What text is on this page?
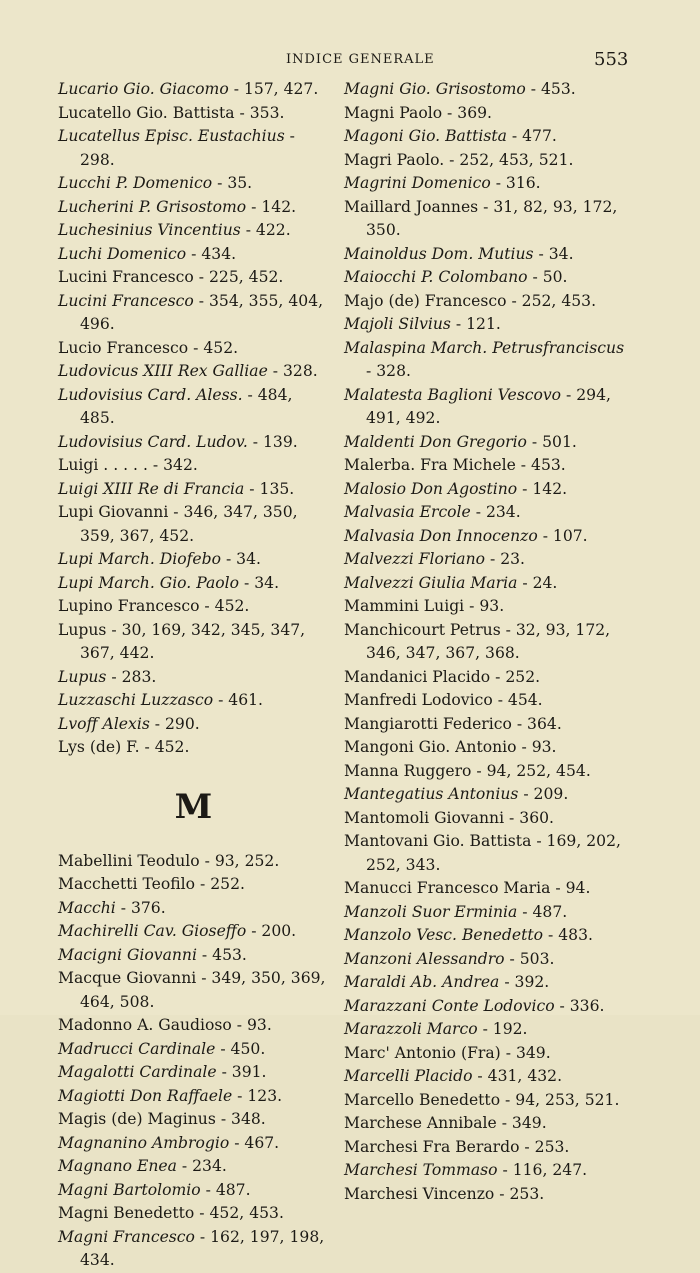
INDICE GENERALE	553
Lucario Gio. Giacomo - 157, 427.
Lucatello Gio. Battista - 353.
Lucatellus Episc. Eustachius - 298.
Lucchi P. Domenico - 35.
Lucherini P. Grisostomo - 142.
Luchesinius Vincentius - 422.
Luchi Domenico - 434.
Lucini Francesco - 225, 452.
Lucini Francesco - 354, 355, 404, 496.
Lucio Francesco - 452.
Ludovicus XIII Rex Galliae - 328.
Ludovisius Card. Aless. - 484, 485.
Ludovisius Card. Ludov. - 139.
Luigi . . . . . - 342.
Luigi XIII Re di Francia - 135.
Lupi Giovanni - 346, 347, 350, 359, 367, 452.
Lupi March. Diofebo - 34.
Lupi March. Gio. Paolo - 34.
Lupino Francesco - 452.
Lupus - 30, 169, 342, 345, 347, 367, 442.
Lupus - 283.
Luzzaschi Luzzasco - 461.
Lvoff Alexis - 290.
Lys (de) F. - 452.
M
Mabellini Teodulo - 93, 252.
Macchetti Teofilo - 252.
Macchi - 376.
Machirelli Cav. Gioseffo - 200.
Macigni Giovanni - 453.
Macque Giovanni - 349, 350, 369, 464, 508.
Madonno A. Gaudioso - 93.
Madrucci Cardinale - 450.
Magalotti Cardinale - 391.
Magiotti Don Raffaele - 123.
Magis (de) Maginus - 348.
Magnanino Ambrogio - 467.
Magnano Enea - 234.
Magni Bartolomio - 487.
Magni Benedetto - 452, 453.
Magni Francesco - 162, 197, 198, 434.
Magni Gio. Grisostomo - 453.
Magni Paolo - 369.
Magoni Gio. Battista - 477.
Magri Paolo. - 252, 453, 521.
Magrini Domenico - 316.
Maillard Joannes - 31, 82, 93, 172, 350.
Mainoldus Dom. Mutius - 34.
Maiocchi P. Colombano - 50.
Majo (de) Francesco - 252, 453.
Majoli Silvius - 121.
Malaspina March. Petrusfranciscus - 328.
Malatesta Baglioni Vescovo - 294, 491, 492.
Maldenti Don Gregorio - 501.
Malerba. Fra Michele - 453.
Malosio Don Agostino - 142.
Malvasia Ercole - 234.
Malvasia Don Innocenzo - 107.
Malvezzi Floriano - 23.
Malvezzi Giulia Maria - 24.
Mammini Luigi - 93.
Manchicourt Petrus - 32, 93, 172, 346, 347, 367, 368.
Mandanici Placido - 252.
Manfredi Lodovico - 454.
Mangiarotti Federico - 364.
Mangoni Gio. Antonio - 93.
Manna Ruggero - 94, 252, 454.
Mantegatius Antonius - 209.
Mantomoli Giovanni - 360.
Mantovani Gio. Battista - 169, 202, 252, 343.
Manucci Francesco Maria - 94.
Manzoli Suor Erminia - 487.
Manzolo Vesc. Benedetto - 483.
Manzoni Alessandro - 503.
Maraldi Ab. Andrea - 392.
Marazzani Conte Lodovico - 336.
Marazzoli Marco - 192.
Marc' Antonio (Fra) - 349.
Marcelli Placido - 431, 432.
Marcello Benedetto - 94, 253, 521.
Marchese Annibale - 349.
Marchesi Fra Berardo - 253.
Marchesi Tommaso - 116, 247.
Marchesi Vincenzo - 253.
